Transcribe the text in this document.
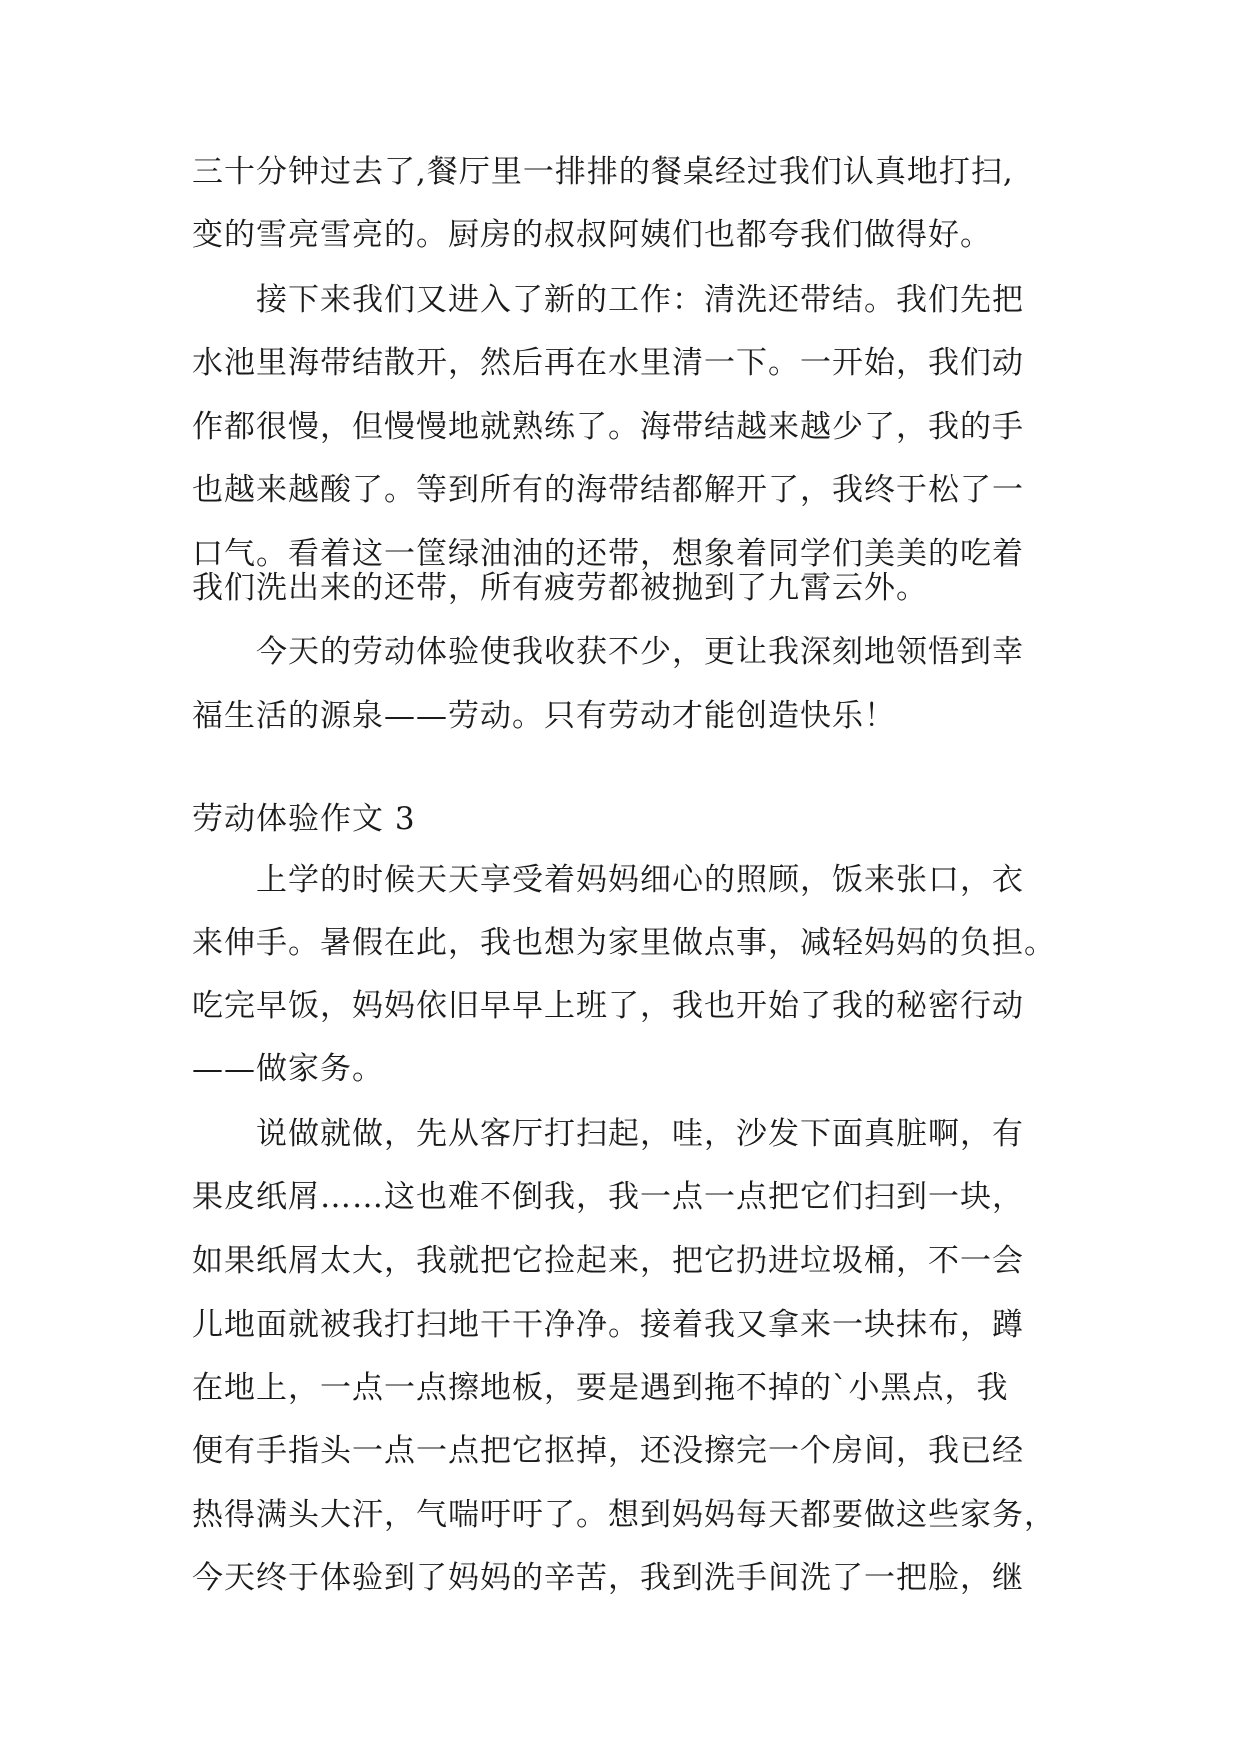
三十分钟过去了,餐厅里一排排的餐桌经过我们认真地打扫,
变的雪亮雪亮的。厨房的叔叔阿姨们也都夸我们做得好。
接下来我们又进入了新的工作：清洗还带结。我们先把
水池里海带结散开，然后再在水里清一下。一开始，我们动
作都很慢，但慢慢地就熟练了。海带结越来越少了，我的手
也越来越酸了。等到所有的海带结都解开了，我终于松了一
口气。看着这一筐绿油油的还带，想象着同学们美美的吃着
我们洗出来的还带，所有疲劳都被抛到了九霄云外。
今天的劳动体验使我收获不少，更让我深刻地领悟到幸
福生活的源泉——劳动。只有劳动才能创造快乐！
劳动体验作文 3
上学的时候天天享受着妈妈细心的照顾，饭来张口，衣
来伸手。暑假在此，我也想为家里做点事，减轻妈妈的负担。
吃完早饭，妈妈依旧早早上班了，我也开始了我的秘密行动
——做家务。
说做就做，先从客厅打扫起，哇，沙发下面真脏啊，有
果皮纸屑……这也难不倒我，我一点一点把它们扫到一块，
如果纸屑太大，我就把它捡起来，把它扔进垃圾桶，不一会
儿地面就被我打扫地干干净净。接着我又拿来一块抹布，蹲
在地上，一点一点擦地板，要是遇到拖不掉的`小黑点，我
便有手指头一点一点把它抠掉，还没擦完一个房间，我已经
热得满头大汗，气喘吁吁了。想到妈妈每天都要做这些家务，
今天终于体验到了妈妈的辛苦，我到洗手间洗了一把脸，继
